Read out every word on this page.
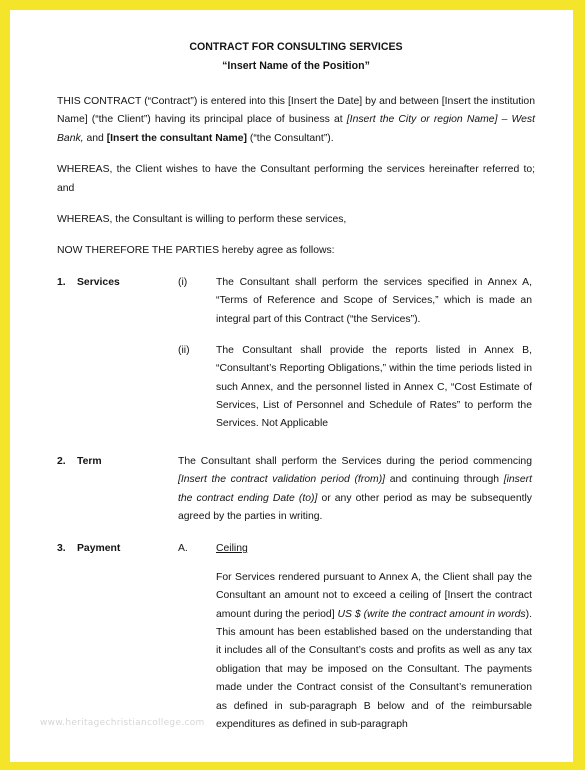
CONTRACT FOR CONSULTING SERVICES

“Insert Name of the Position”

THIS CONTRACT (“Contract”) is entered into this [Insert the Date] by and between [Insert the institution Name] (“the Client”) having its principal place of business at [Insert the City or region Name] – West Bank, and [Insert the consultant Name] (“the Consultant”).

WHEREAS, the Client wishes to have the Consultant performing the services hereinafter referred to; and

WHEREAS, the Consultant is willing to perform these services,

NOW THEREFORE THE PARTIES hereby agree as follows:

1. Services	(i)	The Consultant shall perform the services specified in Annex A, “Terms of Reference and Scope of Services,” which is made an integral part of this Contract (“the Services”).
(ii)	The Consultant shall provide the reports listed in Annex B, “Consultant’s Reporting Obligations,” within the time periods listed in such Annex, and the personnel listed in Annex C, “Cost Estimate of Services, List of Personnel and Schedule of Rates” to perform the Services. Not Applicable
2. Term	The Consultant shall perform the Services during the period commencing [Insert the contract validation period (from)] and continuing through [insert the contract ending Date (to)] or any other period as may be subsequently agreed by the parties in writing.
3. Payment	A.	Ceiling
For Services rendered pursuant to Annex A, the Client shall pay the Consultant an amount not to exceed a ceiling of [Insert the contract amount during the period] US $ (write the contract amount in words). This amount has been established based on the understanding that it includes all of the Consultant’s costs and profits as well as any tax obligation that may be imposed on the Consultant. The payments made under the Contract consist of the Consultant’s remuneration as defined in sub-paragraph B below and of the reimbursable expenditures as defined in sub-paragraph
www.heritagechristiancollege.com
